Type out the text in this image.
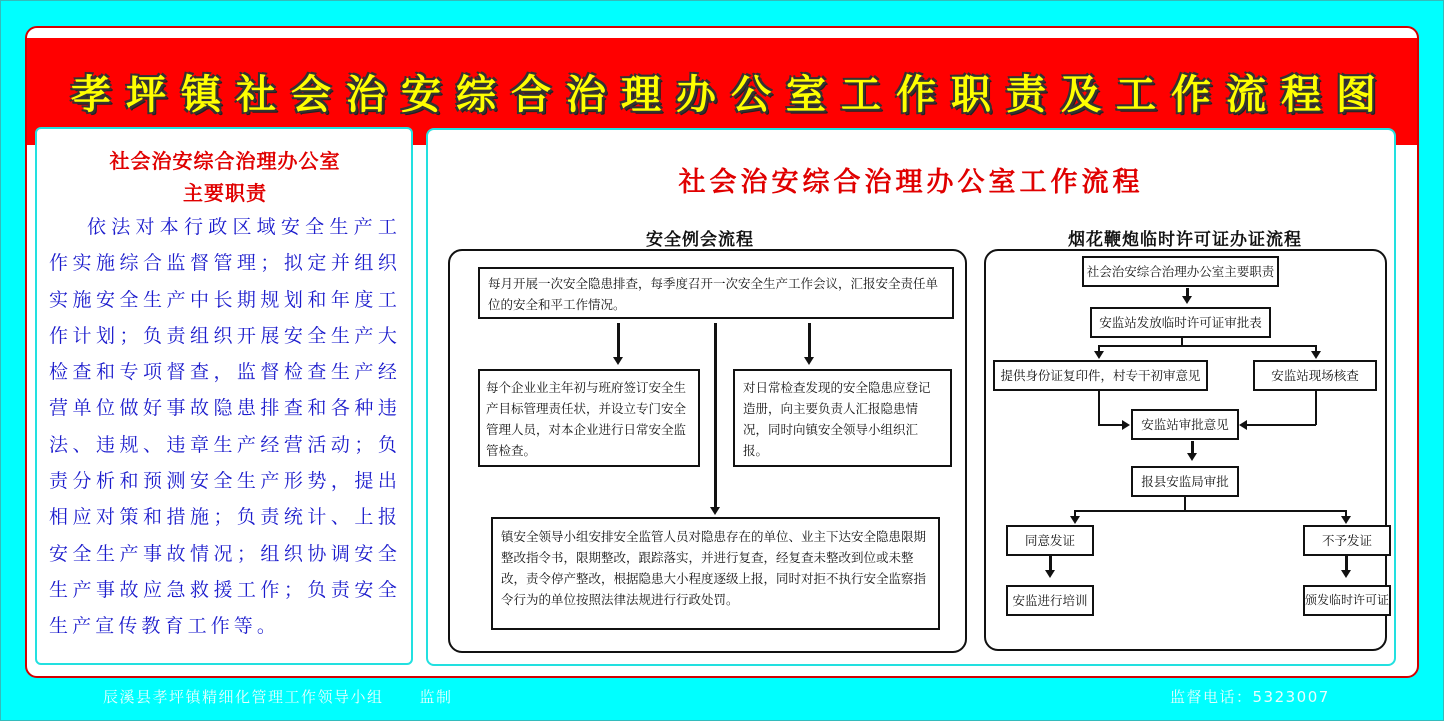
孝坪镇社会治安综合治理办公室工作职责及工作流程图
社会治安综合治理办公室
主要职责

依法对本行政区域安全生产工作实施综合监督管理；拟定并组织实施安全生产中长期规划和年度工作计划；负责组织开展安全生产大检查和专项督查，监督检查生产经营单位做好事故隐患排查和各种违法、违规、违章生产经营活动；负责分析和预测安全生产形势，提出相应对策和措施；负责统计、上报安全生产事故情况；组织协调安全生产事故应急救援工作；负责安全生产宣传教育工作等。

社会治安综合治理办公室工作流程
安全例会流程
每月开展一次安全隐患排查，每季度召开一次安全生产工作会议，汇报安全责任单位的安全和平工作情况。
每个企业业主年初与班府签订安全生产目标管理责任状，并设立专门安全管理人员，对本企业进行日常安全监管检查。
对日常检查发现的安全隐患应登记造册，向主要负责人汇报隐患情况，同时向镇安全领导小组织汇报。
镇安全领导小组安排安全监管人员对隐患存在的单位、业主下达安全隐患限期整改指令书，限期整改，跟踪落实，并进行复查，经复查未整改到位或未整改，责令停产整改，根据隐患大小程度逐级上报，同时对拒不执行安全监察指令行为的单位按照法律法规进行行政处罚。
烟花鞭炮临时许可证办证流程
社会治安综合治理办公室主要职责
安监站发放临时许可证审批表
提供身份证复印件，村专干初审意见	安监站现场核查
安监站审批意见
报县安监局审批
同意发证	不予发证
安监进行培训	颁发临时许可证
辰溪县孝坪镇精细化管理工作领导小组 监制	监督电话：5323007
